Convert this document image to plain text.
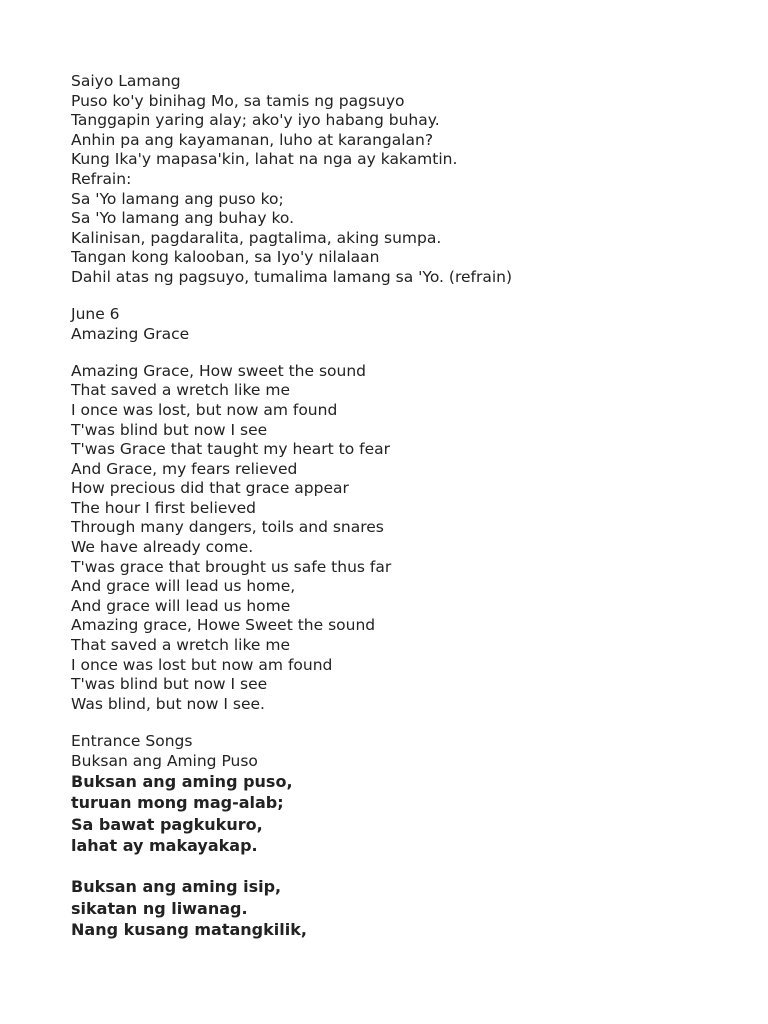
Saiyo Lamang
Puso ko'y binihag Mo, sa tamis ng pagsuyo
Tanggapin yaring alay; ako'y iyo habang buhay.
Anhin pa ang kayamanan, luho at karangalan?
Kung Ika'y mapasa'kin, lahat na nga ay kakamtin.
Refrain:
Sa 'Yo lamang ang puso ko;
Sa 'Yo lamang ang buhay ko.
Kalinisan, pagdaralita, pagtalima, aking sumpa.
Tangan kong kalooban, sa Iyo'y nilalaan
Dahil atas ng pagsuyo, tumalima lamang sa 'Yo. (refrain)
June 6
Amazing Grace
Amazing Grace, How sweet the sound
That saved a wretch like me
I once was lost, but now am found
T'was blind but now I see
T'was Grace that taught my heart to fear
And Grace, my fears relieved
How precious did that grace appear
The hour I first believed
Through many dangers, toils and snares
We have already come.
T'was grace that brought us safe thus far
And grace will lead us home,
And grace will lead us home
Amazing grace, Howe Sweet the sound
That saved a wretch like me
I once was lost but now am found
T'was blind but now I see
Was blind, but now I see.
Entrance Songs
Buksan ang Aming Puso
Buksan ang aming puso,
turuan mong mag-alab;
Sa bawat pagkukuro,
lahat ay makayakap.
Buksan ang aming isip,
sikatan ng liwanag.
Nang kusang matangkilik,
